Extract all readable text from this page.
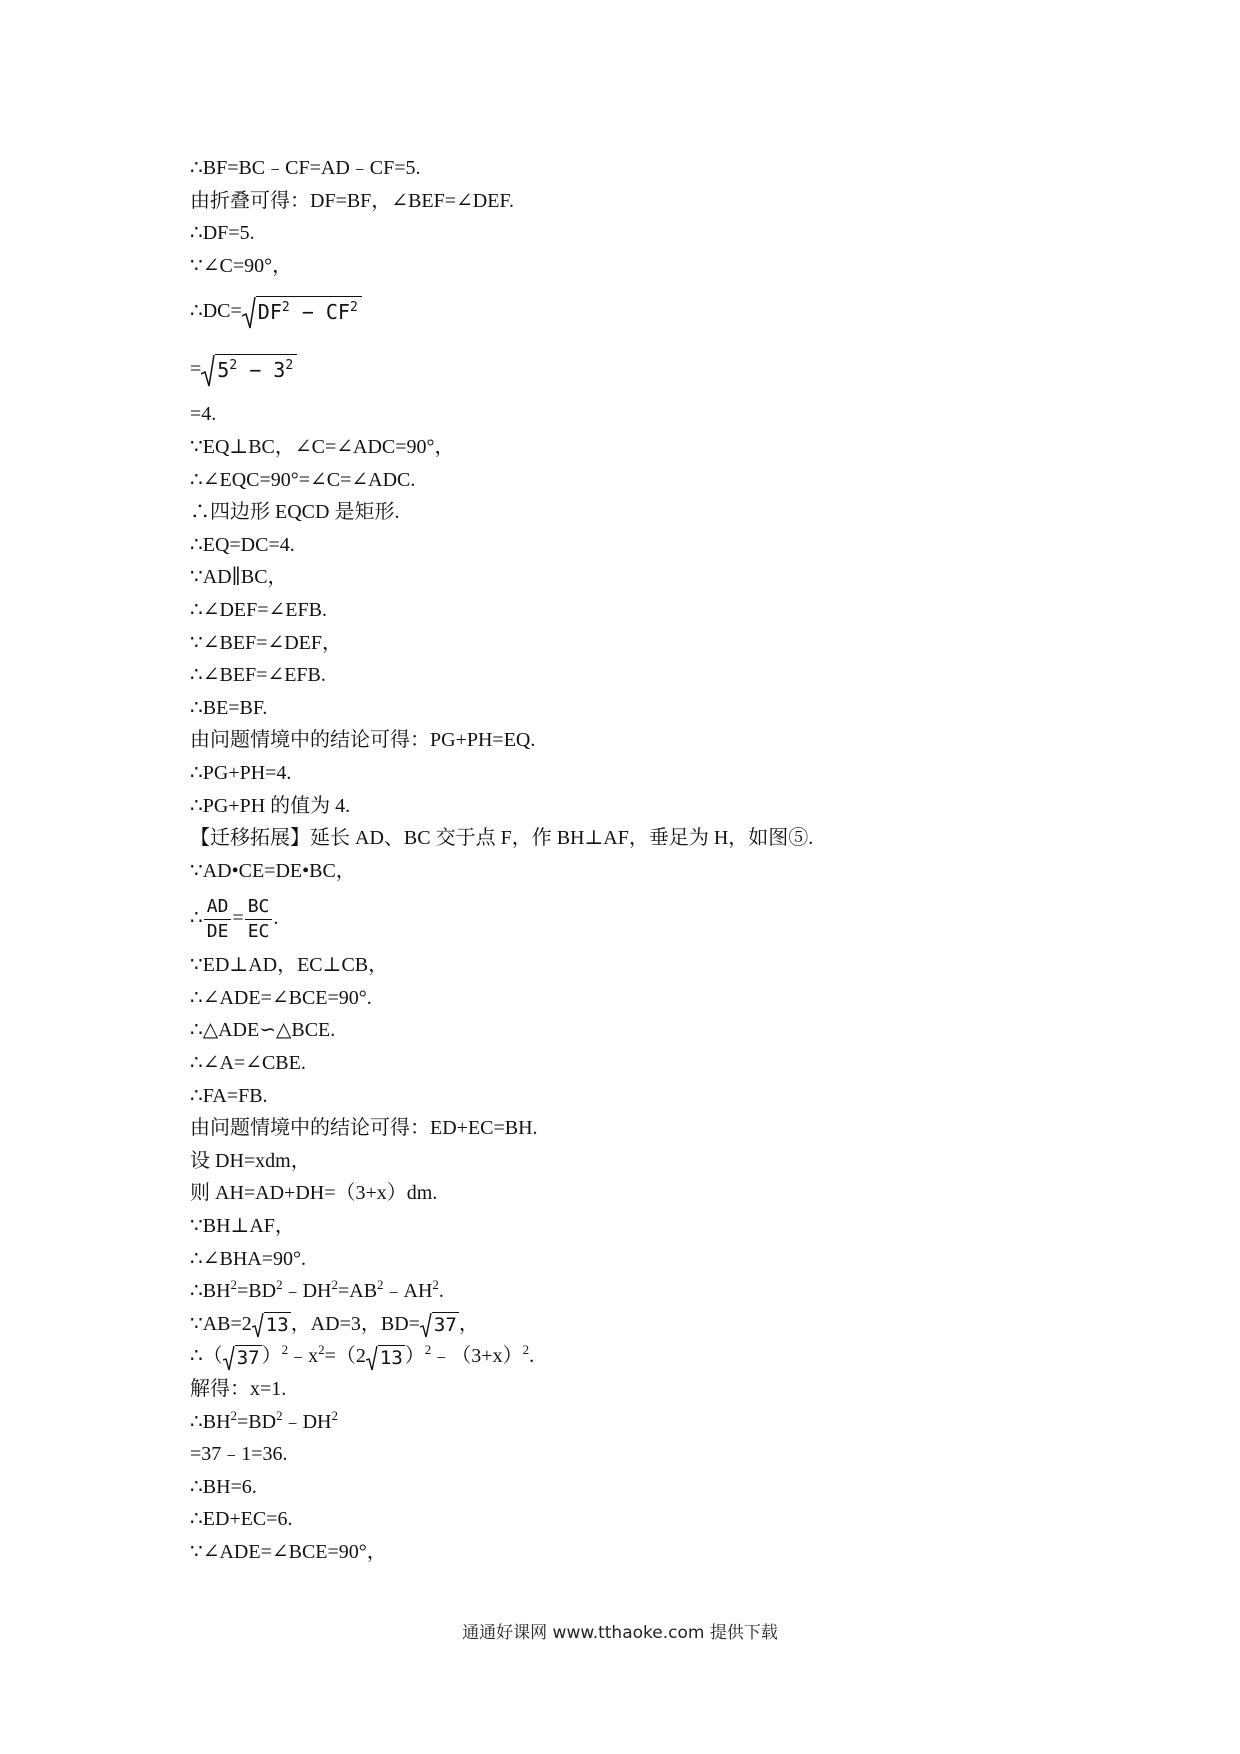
∴BF=BC﹣CF=AD﹣CF=5.
由折叠可得：DF=BF，∠BEF=∠DEF.
∴DF=5.
∵∠C=90°，
∴DC= $DF^2 - CF^2$
= $5^2 - 3^2$
=4.
∵EQ⊥BC，∠C=∠ADC=90°，
∴∠EQC=90°=∠C=∠ADC.
∴四边形 EQCD 是矩形.
∴EQ=DC=4.
∵AD∥BC，
∴∠DEF=∠EFB.
∵∠BEF=∠DEF，
∴∠BEF=∠EFB.
∴BE=BF.
由问题情境中的结论可得：PG+PH=EQ.
∴PG+PH=4.
∴PG+PH 的值为 4.
【迁移拓展】延长 AD、BC 交于点 F，作 BH⊥AF，垂足为 H，如图⑤.
∵AD•CE=DE•BC，
∴ $\frac{AD}{DE} = \frac{BC}{EC}$ .
∵ED⊥AD，EC⊥CB，
∴∠ADE=∠BCE=90°.
∴△ADE∽△BCE.
∴∠A=∠CBE.
∴FA=FB.
由问题情境中的结论可得：ED+EC=BH.
设 DH=xdm，
则 AH=AD+DH=（3+x）dm.
∵BH⊥AF，
∴∠BHA=90°.
$\therefore BH^2=BD^2﹣DH^2=AB^2﹣AH^2$.
∵AB=2 13 ，AD=3，BD= 37 ，
∴（ 37 ）$^2﹣x^2=(2$ 13 ）$^2﹣(3+x)^2$.
解得：x=1.
$\therefore BH^2=BD^2﹣DH^2$
=37﹣1=36.
∴BH=6.
∴ED+EC=6.
∵∠ADE=∠BCE=90°，
通通好课网 www.tthaoke.com 提供下载
